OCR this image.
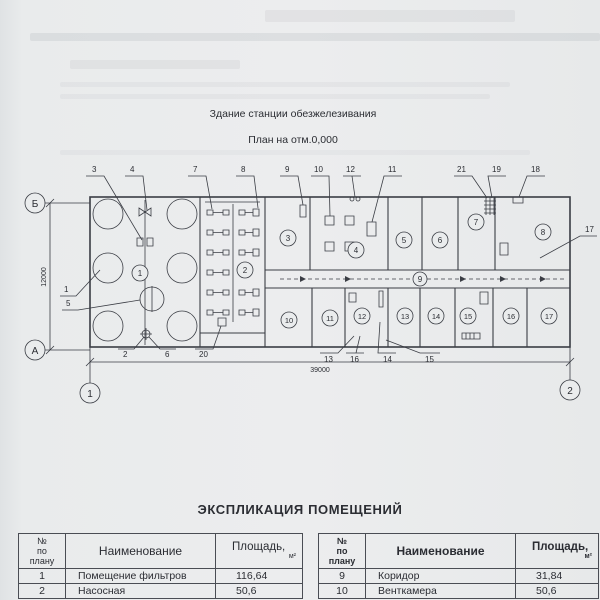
Здание станции обезжелезивания
План на отм.0,000
Б
А
1	2
12000
39000
3	4	7	8	9	10	12	11	21	19	18
17
1
5
2	6	20
13 16	14	15
1	2
3
4
5	6
7
8
9
10	11	12	13	14	15	16	17
ЭКСПЛИКАЦИЯ ПОМЕЩЕНИЙ
№
по
плану	Наименование	Площадь,
м²

1	Помещение фильтров	116,64
2	Насосная	50,6
№
по
плану	Наименование	Площадь,
м²

9	Коридор	31,84
10	Венткамера	50,6
